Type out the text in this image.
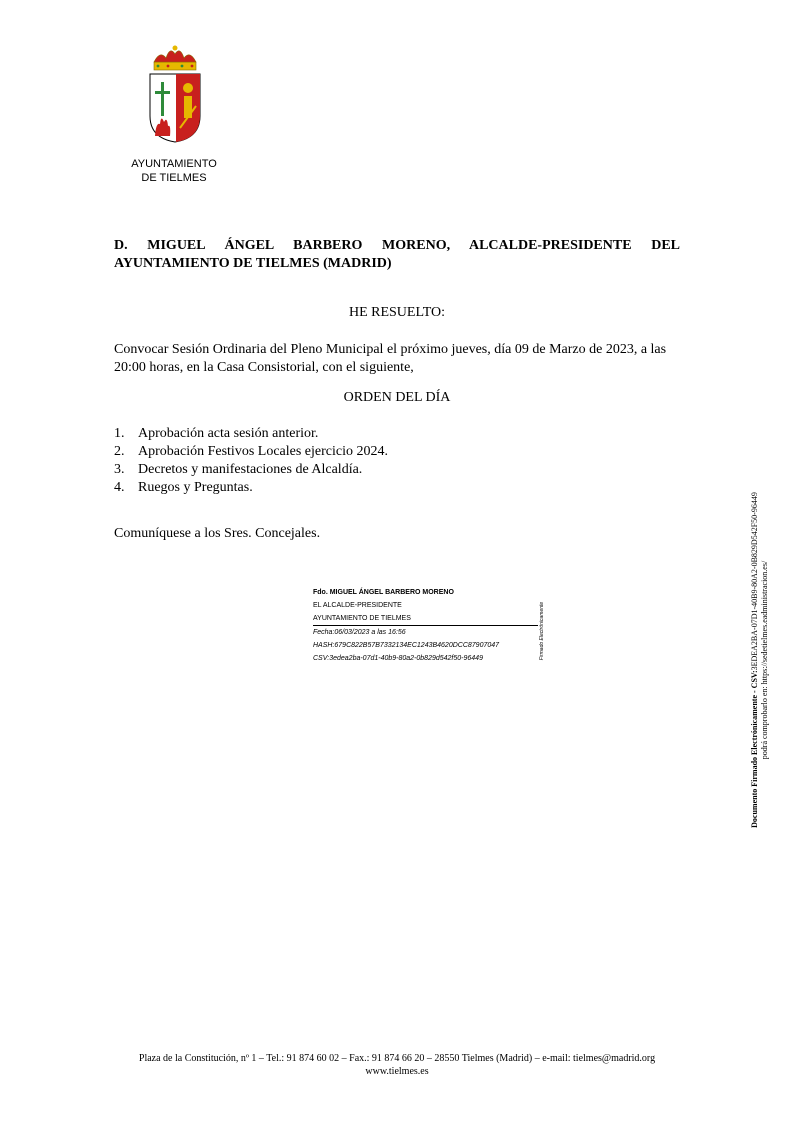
AYUNTAMIENTO
DE TIELMES
D. MIGUEL ÁNGEL BARBERO MORENO, ALCALDE-PRESIDENTE DEL AYUNTAMIENTO DE TIELMES (MADRID)
HE RESUELTO:
Convocar Sesión Ordinaria del Pleno Municipal el próximo jueves, día 09 de Marzo de 2023, a las 20:00 horas, en la Casa Consistorial, con el siguiente,
ORDEN DEL DÍA
1. Aprobación acta sesión anterior.
2. Aprobación Festivos Locales ejercicio 2024.
3. Decretos y manifestaciones de Alcaldía.
4. Ruegos y Preguntas.
Comuníquese a los Sres. Concejales.
Fdo. MIGUEL ÁNGEL BARBERO MORENO
EL ALCALDE-PRESIDENTE
AYUNTAMIENTO DE TIELMES
Fecha:06/03/2023 a las 16:56
HASH:679C822B57B7332134EC1243B4620DCC87907047
CSV:3edea2ba-07d1-40b9-80a2-0b829d542f50-96449	Firmado Electrónicamente
Documento Firmado Electrónicamente - CSV:3EDEA2BA-07D1-40B9-80A2-0B829D542F50-96449 podrá comprobarlo en: https://sedetielmes.eadministracion.es/
Plaza de la Constitución, nº 1 – Tel.: 91 874 60 02 – Fax.: 91 874 66 20 – 28550 Tielmes (Madrid) – e-mail: tielmes@madrid.org
www.tielmes.es
